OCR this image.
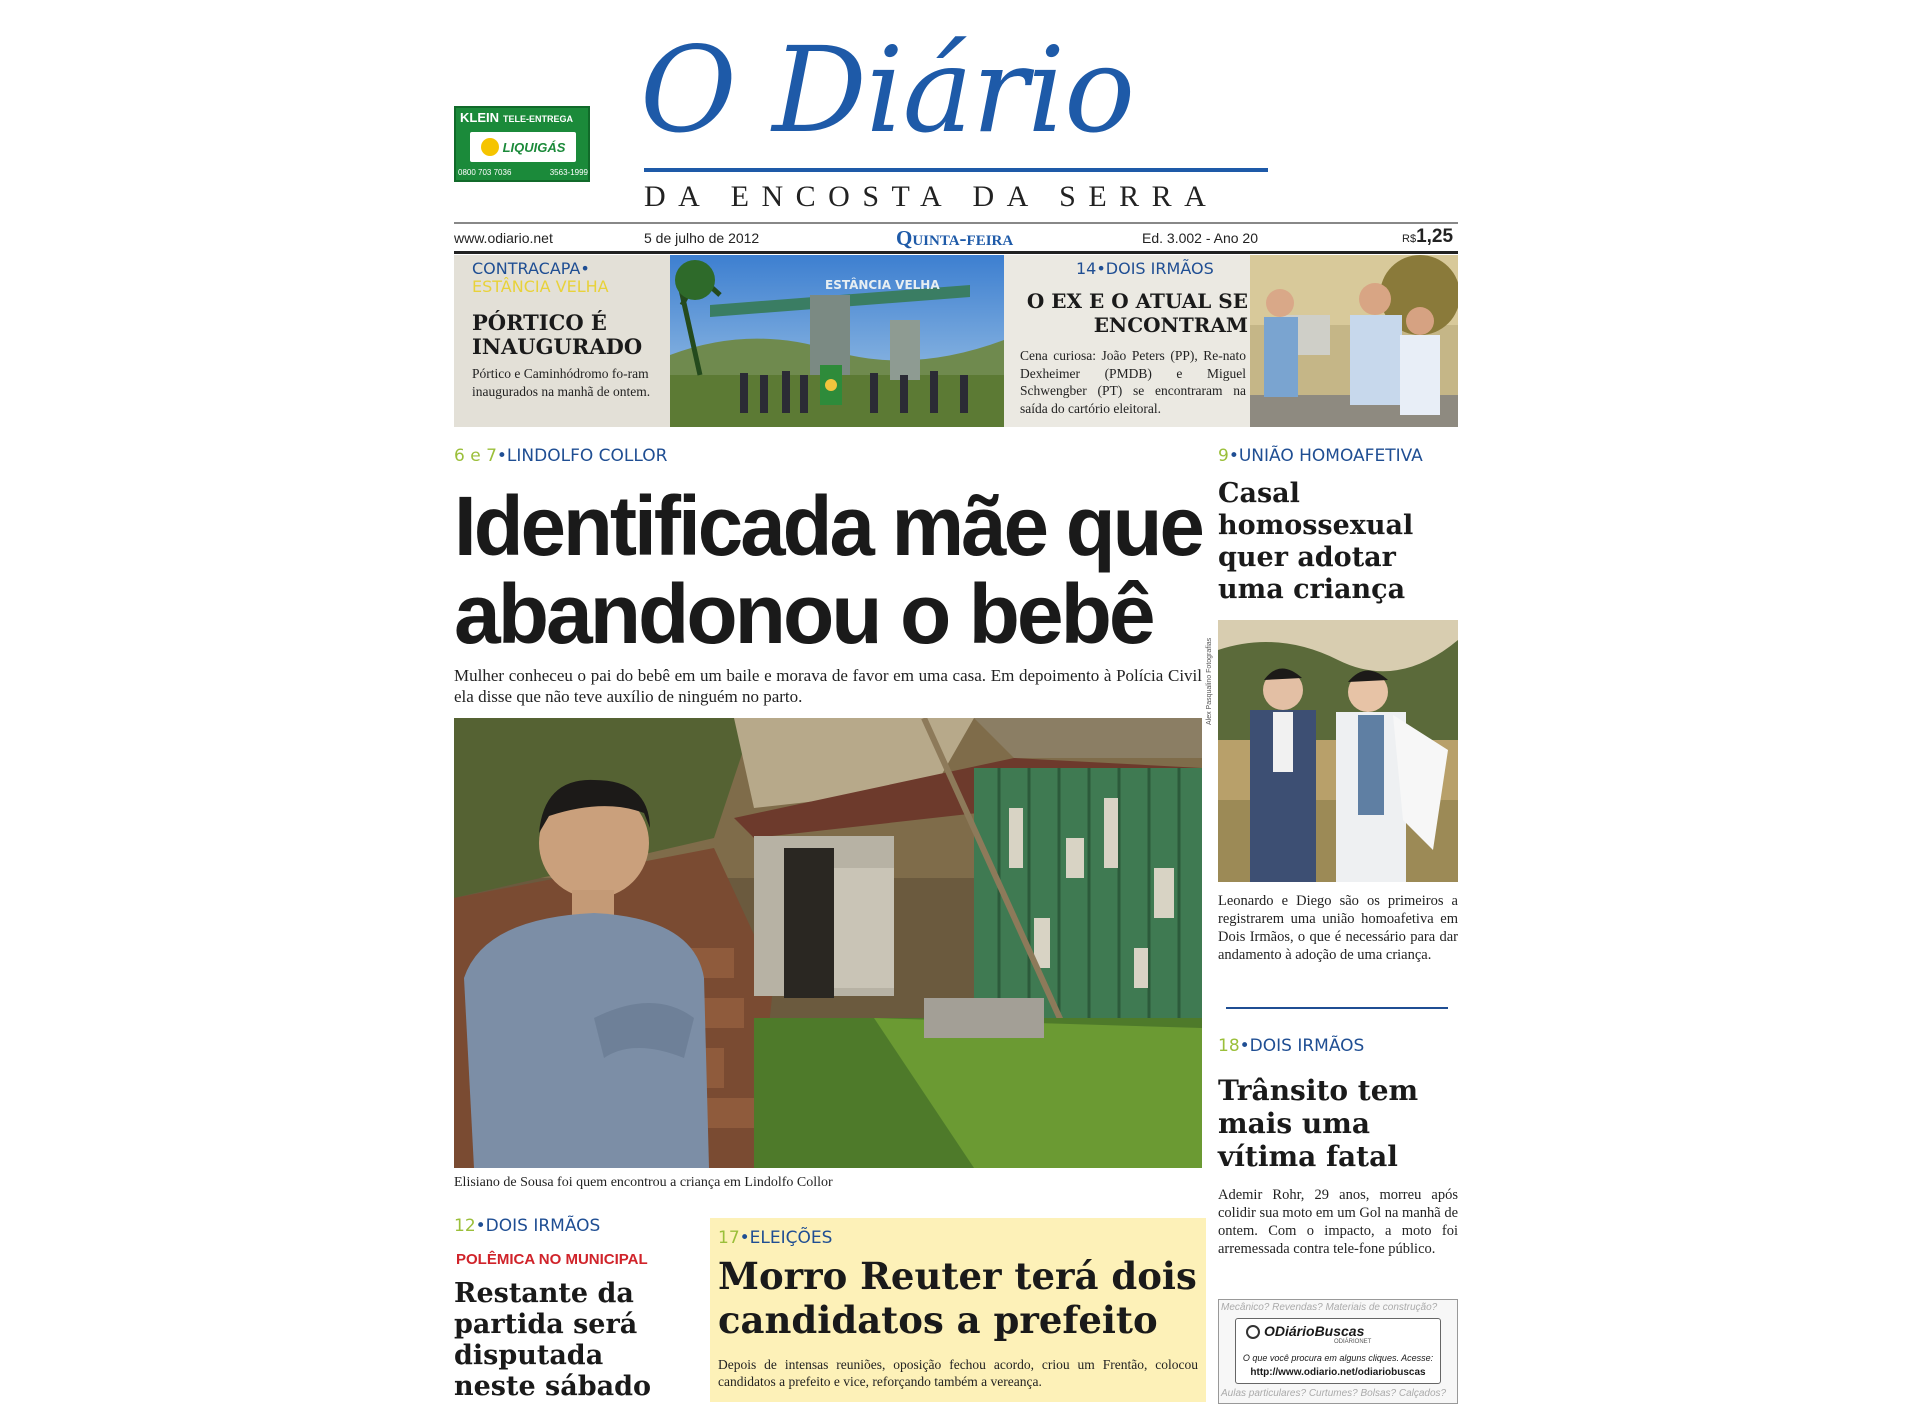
KLEIN TELE-ENTREGA
LIQUIGÁS
0800 703 7036	3563-1999
O Diário
DA ENCOSTA DA SERRA
www.odiario.net	5 de julho de 2012	Quinta-feira	Ed. 3.002 - Ano 20	R$1,25
CONTRACAPA•
ESTÂNCIA VELHA
PÓRTICO É INAUGURADO
Pórtico e Caminhódromo fo-ram inaugurados na manhã de ontem.
ESTÂNCIA VELHA
14•DOIS IRMÃOS
O EX E O ATUAL SE ENCONTRAM
Cena curiosa: João Peters (PP), Re-nato Dexheimer (PMDB) e Miguel Schwengber (PT) se encontraram na saída do cartório eleitoral.
6 e 7•LINDOLFO COLLOR
Identificada mãe que
abandonou o bebê
Mulher conheceu o pai do bebê em um baile e morava de favor em uma casa. Em depoimento à Polícia Civil ela disse que não teve auxílio de ninguém no parto.
Elisiano de Sousa foi quem encontrou a criança em Lindolfo Collor
9•UNIÃO HOMOAFETIVA
Casal homossexual quer adotar uma criança
Alex Pasqualino Fotografias
Leonardo e Diego são os primeiros a registrarem uma união homoafetiva em Dois Irmãos, o que é necessário para dar andamento à adoção de uma criança.
18•DOIS IRMÃOS
Trânsito tem mais uma vítima fatal
Ademir Rohr, 29 anos, morreu após colidir sua moto em um Gol na manhã de ontem. Com o impacto, a moto foi arremessada contra tele-fone público.
12•DOIS IRMÃOS
POLÊMICA NO MUNICIPAL
Restante da partida será disputada neste sábado
17•ELEIÇÕES
Morro Reuter terá dois candidatos a prefeito
Depois de intensas reuniões, oposição fechou acordo, criou um Frentão, colocou candidatos a prefeito e vice, reforçando também a vereança.
Mecânico? Revendas? Materiais de construção?
Aulas particulares? Curtumes? Bolsas? Calçados?
ODiárioBuscas
ODIÁRIONET
O que você procura em alguns cliques. Acesse:
http://www.odiario.net/odiariobuscas
